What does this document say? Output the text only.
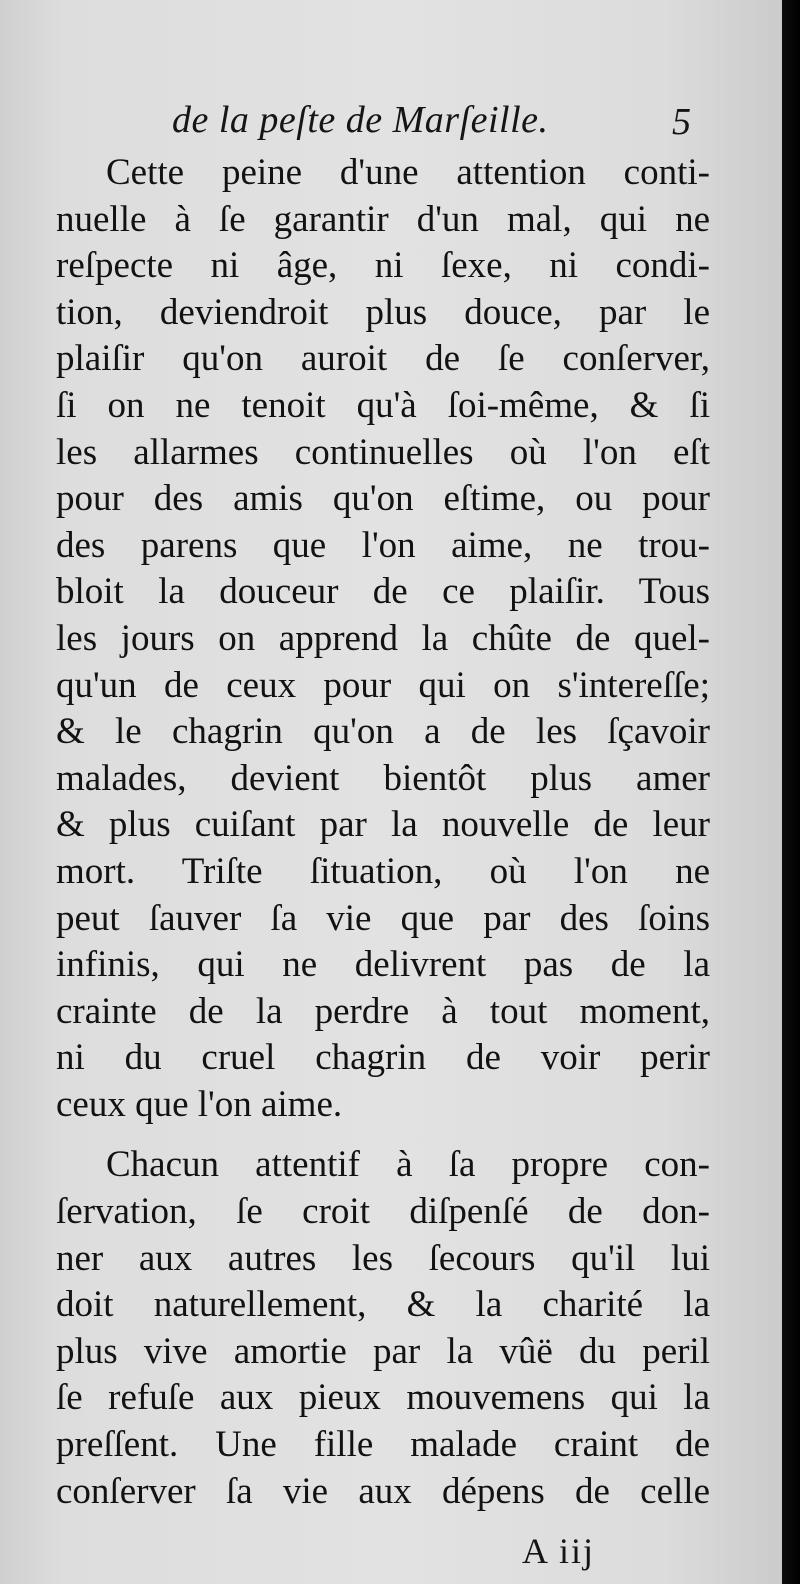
de la peſte de Marſeille.	5
Cette peine d'une attention conti-
nuelle à ſe garantir d'un mal, qui ne
reſpecte ni âge, ni ſexe, ni condi-
tion, deviendroit plus douce, par le
plaiſir qu'on auroit de ſe conſerver,
ſi on ne tenoit qu'à ſoi-même, & ſi
les allarmes continuelles où l'on eſt
pour des amis qu'on eſtime, ou pour
des parens que l'on aime, ne trou-
bloit la douceur de ce plaiſir. Tous
les jours on apprend la chûte de quel-
qu'un de ceux pour qui on s'intereſſe;
& le chagrin qu'on a de les ſçavoir
malades, devient bientôt plus amer
& plus cuiſant par la nouvelle de leur
mort. Triſte ſituation, où l'on ne
peut ſauver ſa vie que par des ſoins
infinis, qui ne delivrent pas de la
crainte de la perdre à tout moment,
ni du cruel chagrin de voir perir
ceux que l'on aime.
Chacun attentif à ſa propre con-
ſervation, ſe croit diſpenſé de don-
ner aux autres les ſecours qu'il lui
doit naturellement, & la charité la
plus vive amortie par la vûë du peril
ſe refuſe aux pieux mouvemens qui la
preſſent. Une fille malade craint de
conſerver ſa vie aux dépens de celle
A iij
